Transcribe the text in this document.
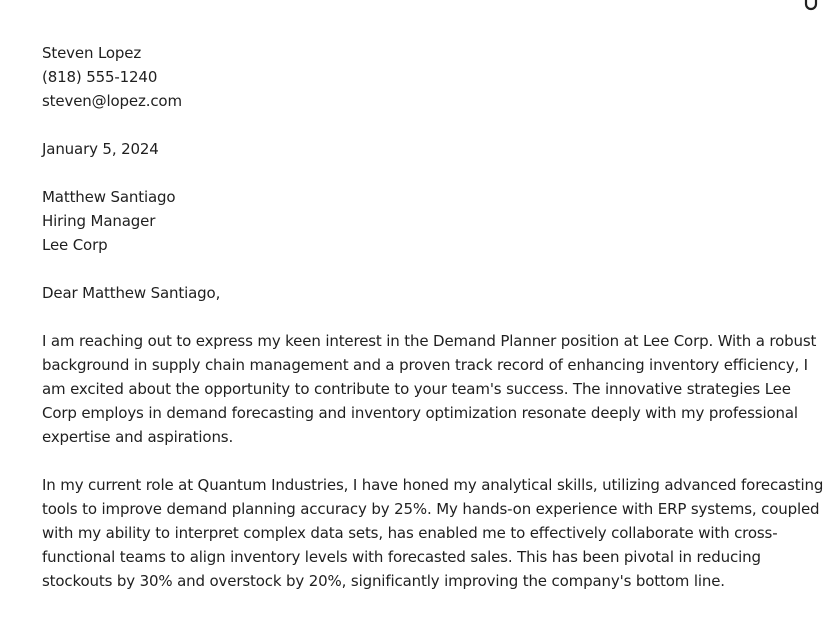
Steven Lopez
(818) 555-1240
steven@lopez.com
January 5, 2024
Matthew Santiago
Hiring Manager
Lee Corp
Dear Matthew Santiago,
I am reaching out to express my keen interest in the Demand Planner position at Lee Corp. With a robust
background in supply chain management and a proven track record of enhancing inventory efficiency, I
am excited about the opportunity to contribute to your team's success. The innovative strategies Lee
Corp employs in demand forecasting and inventory optimization resonate deeply with my professional
expertise and aspirations.
In my current role at Quantum Industries, I have honed my analytical skills, utilizing advanced forecasting
tools to improve demand planning accuracy by 25%. My hands-on experience with ERP systems, coupled
with my ability to interpret complex data sets, has enabled me to effectively collaborate with cross-
functional teams to align inventory levels with forecasted sales. This has been pivotal in reducing
stockouts by 30% and overstock by 20%, significantly improving the company's bottom line.
